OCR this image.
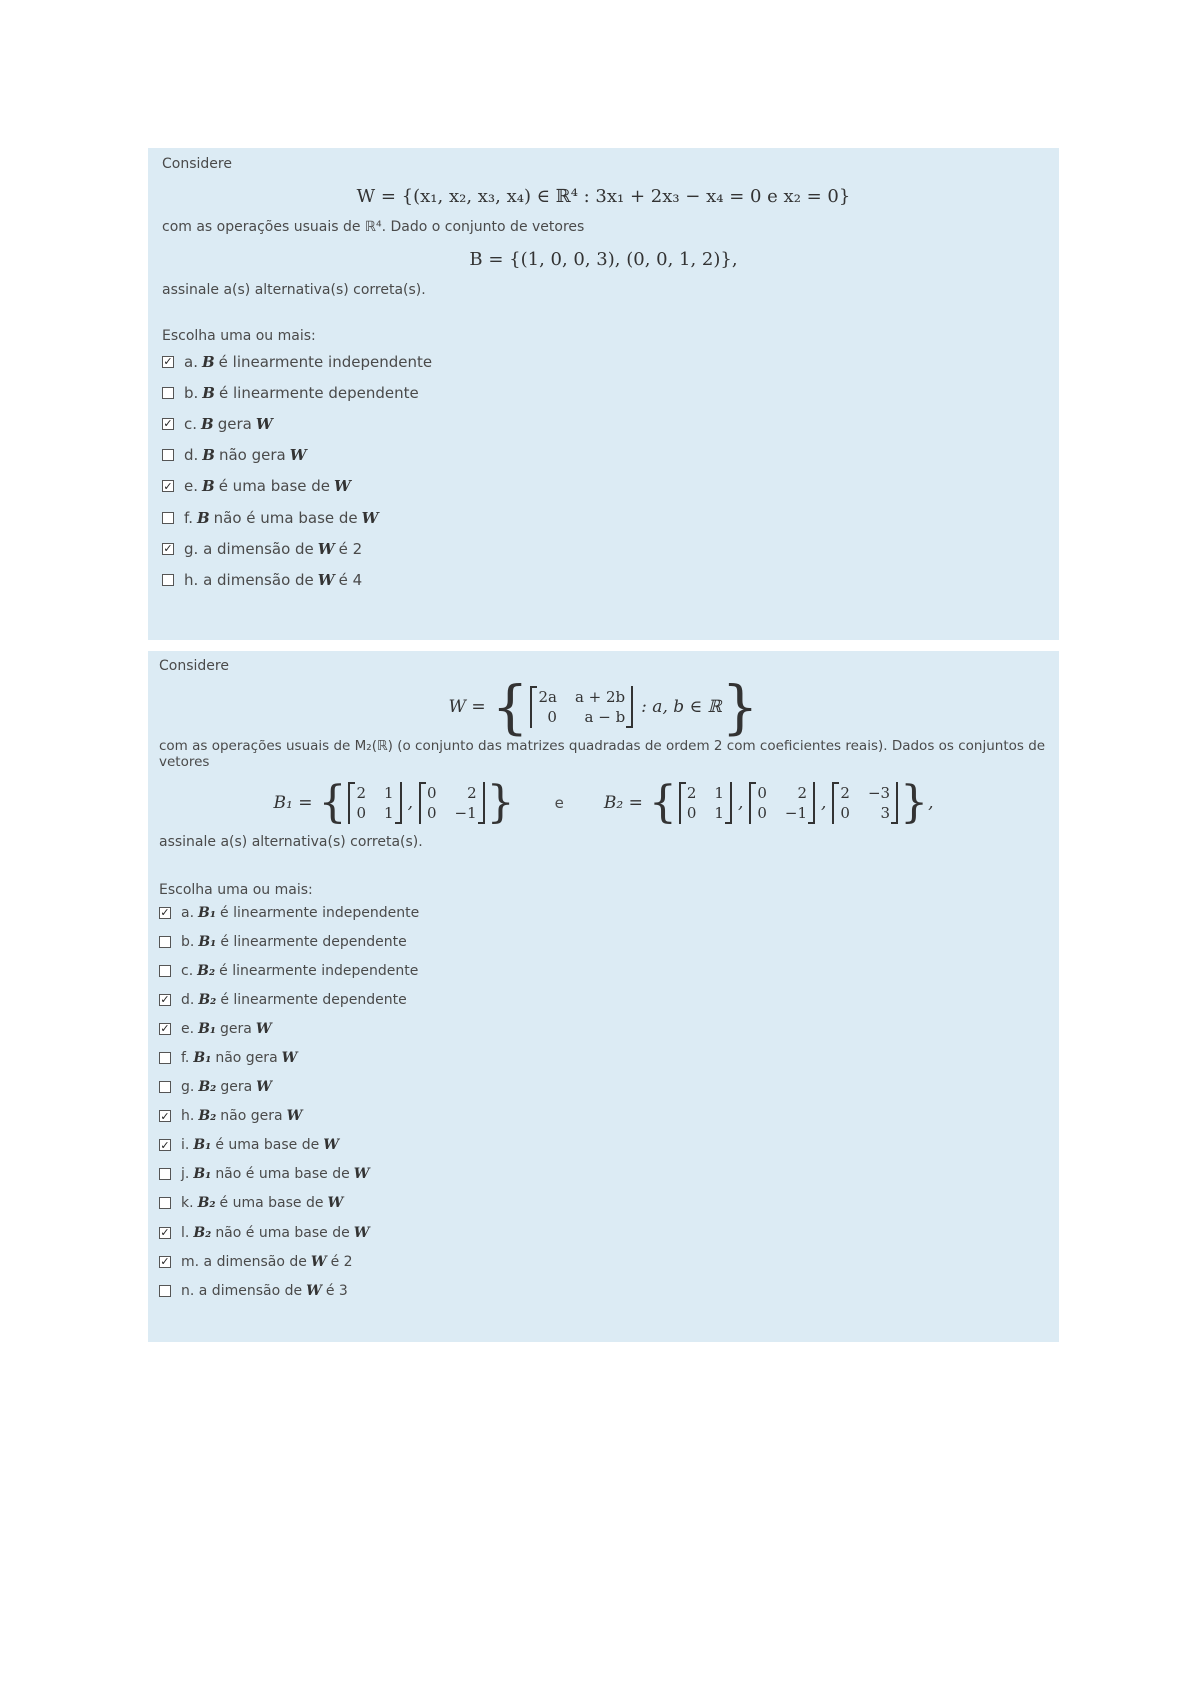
Considere

W = {(x₁, x₂, x₃, x₄) ∈ ℝ⁴ : 3x₁ + 2x₃ − x₄ = 0 e x₂ = 0}

com as operações usuais de ℝ⁴. Dado o conjunto de vetores

B = {(1, 0, 0, 3), (0, 0, 1, 2)},

assinale a(s) alternativa(s) correta(s).

Escolha uma ou mais:

✓ a. B é linearmente independente
b. B é linearmente dependente
✓ c. B gera W
d. B não gera W
✓ e. B é uma base de W
f. B não é uma base de W
✓ g.
a dimensão de W é 2
h.
a dimensão de W é 4

Considere

W = { 2a a + 2b
0	a − b : a, b ∈ ℝ }

com as operações usuais de M₂(ℝ) (o conjunto das matrizes quadradas de ordem 2 com coeficientes reais). Dados os conjuntos de vetores

B₁ = { 2 1
0 1 , 0	2
0 −1 }	e B₂ = { 2 1
0 1 , 0	2
0 −1 , 2 −3
0	3 } ,

assinale a(s) alternativa(s) correta(s).

Escolha uma ou mais:

✓ a. B₁ é linearmente independente
b. B₁ é linearmente dependente
c. B₂ é linearmente independente
✓ d. B₂ é linearmente dependente
✓ e. B₁ gera W
f. B₁ não gera W
g. B₂ gera W
✓ h. B₂ não gera W
✓ i. B₁ é uma base de W
j. B₁ não é uma base de W
k. B₂ é uma base de W
✓ l. B₂ não é uma base de W
✓ m.
a dimensão de W é 2
n.
a dimensão de W é 3
